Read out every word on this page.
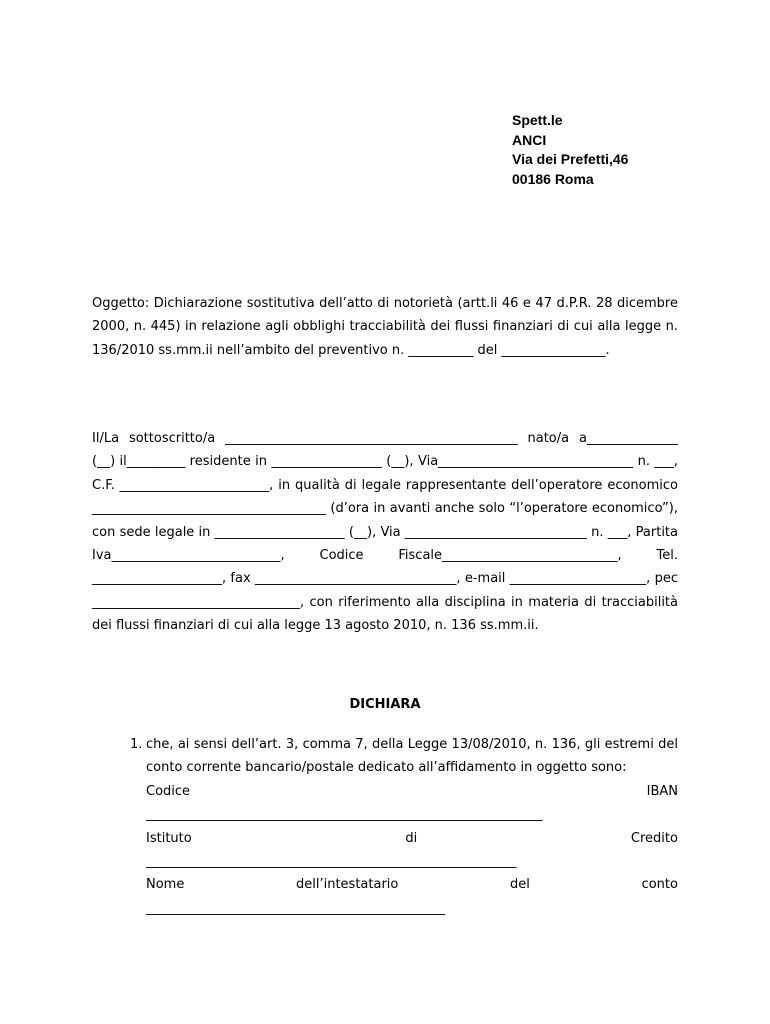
Spett.le
ANCI
Via dei Prefetti,46
00186 Roma
Oggetto: Dichiarazione sostitutiva dell’atto di notorietà (artt.li 46 e 47 d.P.R. 28 dicembre 2000, n. 445) in relazione agli obblighi tracciabilità dei flussi finanziari di cui alla legge n. 136/2010 ss.mm.ii nell’ambito del preventivo n. __________ del ________________.
Il/La sottoscritto/a _____________________________________________ nato/a a______________ (__) il_________ residente in _________________ (__), Via______________________________ n. ___, C.F. _______________________, in qualità di legale rappresentante dell’operatore economico ____________________________________ (d’ora in avanti anche solo “l’operatore economico”), con sede legale in ____________________ (__), Via ____________________________ n. ___, Partita Iva__________________________, Codice Fiscale___________________________, Tel. ____________________, fax _______________________________, e-mail _____________________, pec ________________________________, con riferimento alla disciplina in materia di tracciabilità dei flussi finanziari di cui alla legge 13 agosto 2010, n. 136 ss.mm.ii.
DICHIARA
1. che, ai sensi dell’art. 3, comma 7, della Legge 13/08/2010, n. 136, gli estremi del conto corrente bancario/postale dedicato all’affidamento in oggetto sono:
Codice	IBAN
_____________________________________________________________
Istituto	di	Credito
_________________________________________________________
Nome	dell’intestatario	del	conto
______________________________________________
